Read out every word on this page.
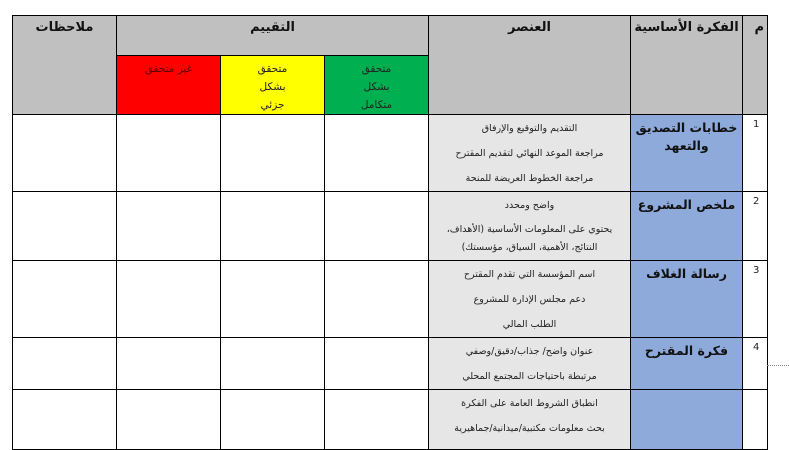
ملاحظات	التقييم			العنصر	الفكرة الأساسية	م
	غير متحقق	متحقق بشكل جزئي	متحقق بشكل متكامل			

				التقديم والتوقيع والإرفاق
مراجعة الموعد النهائي لتقديم المقترح
مراجعة الخطوط العريضة للمنحة	خطابات التصديق والتعهد	1

				واضح ومحدد
يحتوي على المعلومات الأساسية (الأهداف، النتائج، الأهمية، السياق، مؤسستك)	ملخص المشروع	2

				اسم المؤسسة التي تقدم المقترح
دعم مجلس الإدارة للمشروع
الطلب المالي	رسالة الغلاف	3

				عنوان واضح/ جذاب/دقيق/وصفي
مرتبطة باحتياجات المجتمع المحلي	فكرة المقترح	4

				انطباق الشروط العامة على الفكرة
بحث معلومات مكتبية/ميدانية/جماهيرية		
